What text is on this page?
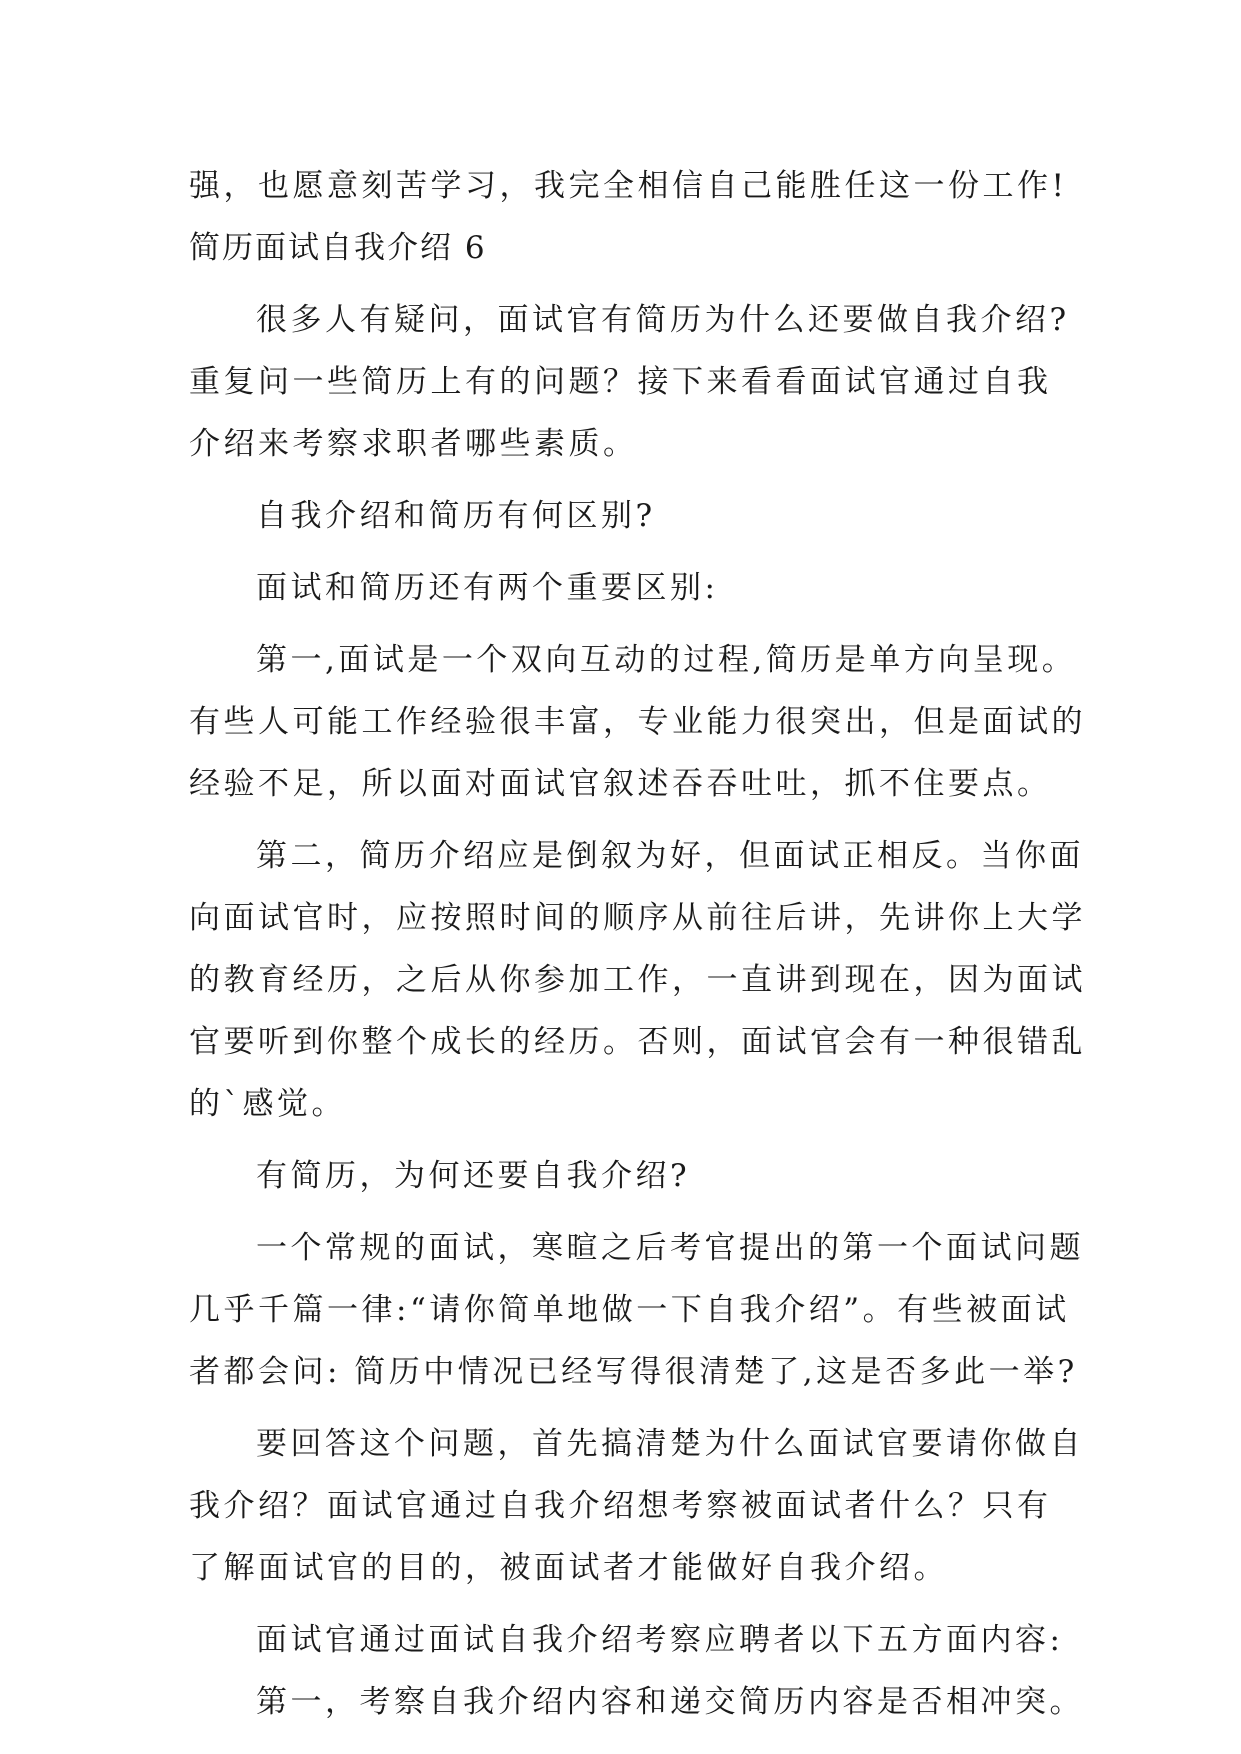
强，也愿意刻苦学习，我完全相信自己能胜任这一份工作!
简历面试自我介绍 6
很多人有疑问，面试官有简历为什么还要做自我介绍?
重复问一些简历上有的问题？接下来看看面试官通过自我
介绍来考察求职者哪些素质。
自我介绍和简历有何区别?
面试和简历还有两个重要区别:
第一,面试是一个双向互动的过程,简历是单方向呈现。
有些人可能工作经验很丰富，专业能力很突出，但是面试的
经验不足，所以面对面试官叙述吞吞吐吐，抓不住要点。
第二，简历介绍应是倒叙为好，但面试正相反。当你面
向面试官时，应按照时间的顺序从前往后讲，先讲你上大学
的教育经历，之后从你参加工作，一直讲到现在，因为面试
官要听到你整个成长的经历。否则，面试官会有一种很错乱
的`感觉。
有简历，为何还要自我介绍?
一个常规的面试，寒暄之后考官提出的第一个面试问题
几乎千篇一律:“请你简单地做一下自我介绍”。有些被面试
者都会问: 简历中情况已经写得很清楚了,这是否多此一举?
要回答这个问题，首先搞清楚为什么面试官要请你做自
我介绍？面试官通过自我介绍想考察被面试者什么？只有
了解面试官的目的，被面试者才能做好自我介绍。
面试官通过面试自我介绍考察应聘者以下五方面内容:
第一，考察自我介绍内容和递交简历内容是否相冲突。
